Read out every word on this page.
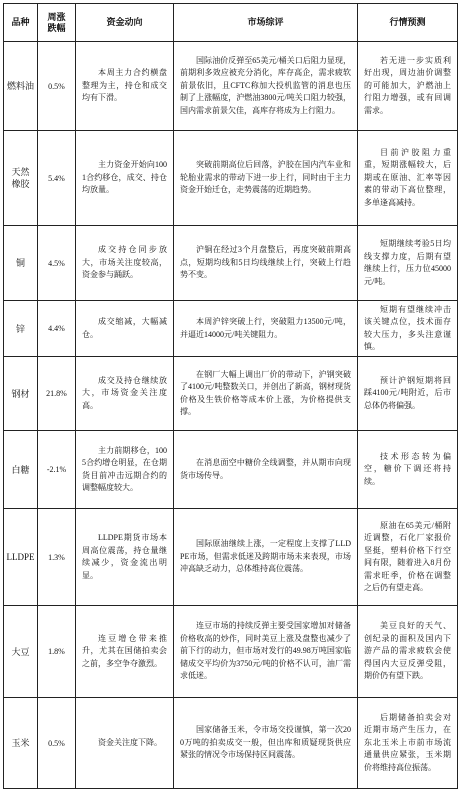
品种	周涨跌幅	资金动向	市场综评	行情预测
燃料油	0.5%	本周主力合约横盘整理为主，持仓和成交均有下滑。	国际油价反弹至65美元/桶关口后阻力显现，前期利多效应被充分消化，库存高企，需求疲软前景依旧，且CFTC称加大投机监管的消息也压制了上涨幅度，沪燃油3800元/吨关口阻力较强，国内需求前景欠佳，高库存将成为上行阻力。	若无进一步实质利好出现，周边油价调整的可能加大，沪燃油上行阻力增强，或有回调需求。
天然橡胶	5.4%	主力资金开始向1001合约移仓，成交、持仓均放量。	突破前期高位后回落，沪胶在国内汽车业和轮胎业需求的带动下进一步上行，同时由于主力资金开始迁仓，走势震荡的近期趋势。	目前沪胶阻力重重，短期涨幅较大，后期或在原油、汇率等因素的带动下高位整理，多单逢高减持。
铜	4.5%	成交持仓同步放大，市场关注度较高，资金参与踊跃。	沪铜在经过3个月盘整后，再度突破前期高点，短期均线和5日均线继续上行，突破上行趋势不变。	短期继续考验5日均线支撑力度，后期有望继续上行，压力位45000元/吨。
锌	4.4%	成交缩减，大幅减仓。	本周沪锌突破上行，突破阻力13500元/吨，并逼近14000元/吨关键阻力。	短期有望继续冲击该关键点位，技术面存较大压力，多头注意谨慎。
钢材	21.8%	成交及持仓继续放大，市场资金关注度高。	在钢厂大幅上调出厂价的带动下，沪钢突破了4100元/吨整数关口，并创出了新高，钢材现货价格及生铁价格等成本价上涨，为价格提供支撑。	预计沪钢短期将回踩4100元/吨附近，后市总体仍将偏强。
白糖	-2.1%	主力前期移仓，1005合约增仓明显，在仓期货目前冲击远期合约的调整幅度较大。	在消息面空中糖价全线调整，并从期市向现货市场传导。	技术形态转为偏空，糖价下调还将持续。
LLDPE	1.3%	LLDPE期货市场本周高位震荡，持仓量继续减少，资金流出明显。	国际原油继续上涨，一定程度上支撑了LLDPE市场，但需求低迷及跨期市场未来表现，市场冲高缺乏动力，总体维持高位震荡。	原油在65美元/桶附近调整，石化厂家报价坚挺，塑料价格下行空间有限，随着进入8月份需求旺季，价格在调整之后仍有望走高。
大豆	1.8%	连豆增仓带来推升，尤其在国储拍卖会之前，多空争夺激烈。	连豆市场的持续反弹主要受国家增加对储备价格收高的炒作，同时美豆上涨及盘整也减少了前下行的动力，但市场对发行的49.98万吨国家临储成交平均价为3750元/吨的价格不认可，油厂需求低迷。	美豆良好的天气、创纪录的面积及国内下游产品的需求疲软会使得国内大豆反弹受阻，期价仍有望下跌。
玉米	0.5%	资金关注度下降。	国家储备玉米，令市场交投谨慎，第一次200万吨的拍卖成交一般，但出库和质疑现货供应紧张的情况令市场保持区间震荡。	后期储备拍卖会对近期市场产生压力，在东北玉米上市前市场流通量供应紧张，玉米期价将维持高位振荡。
